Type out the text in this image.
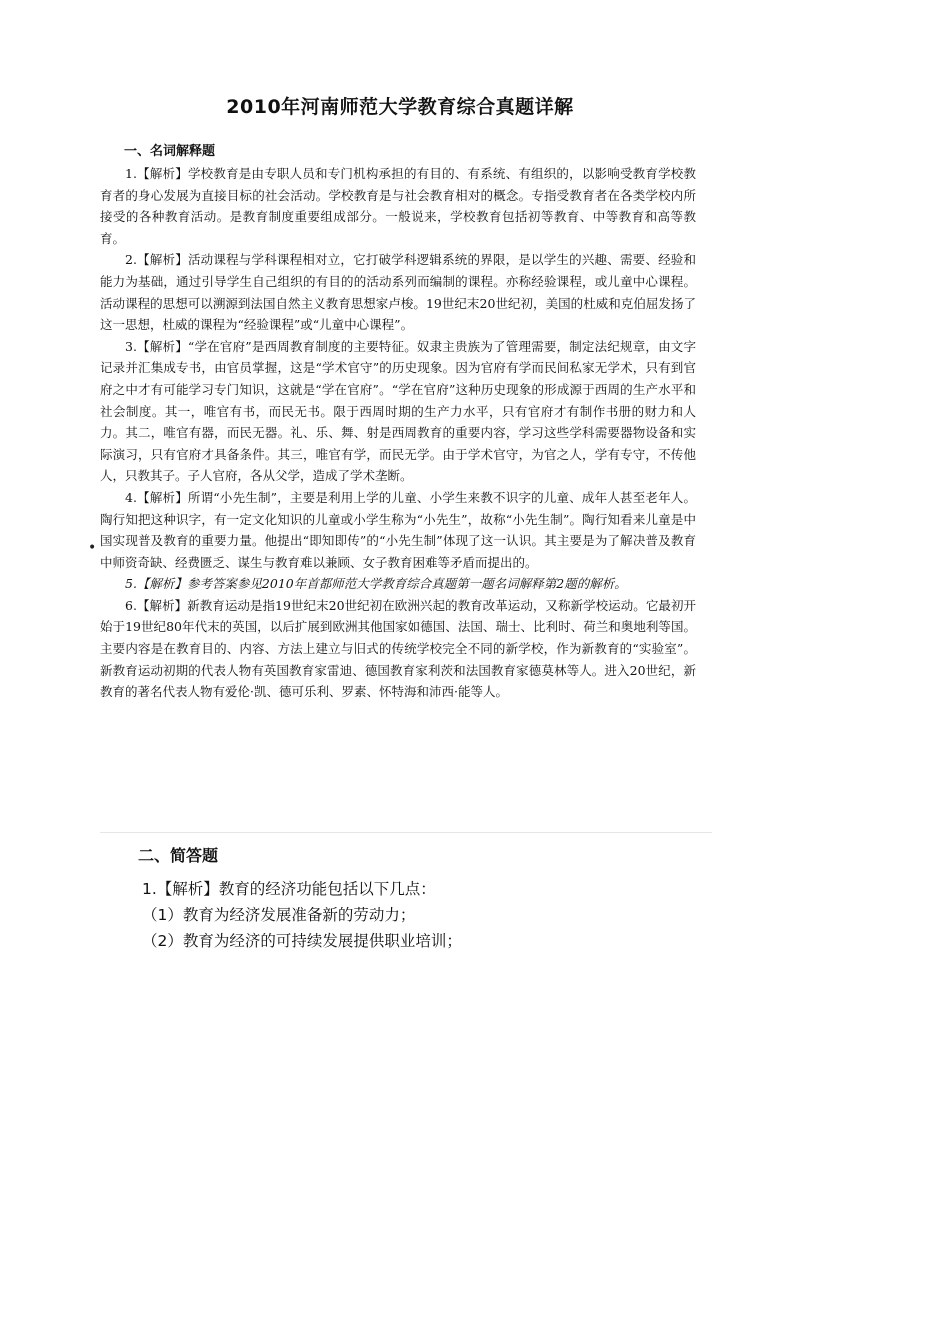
2010年河南师范大学教育综合真题详解
一、名词解释题

1.【解析】学校教育是由专职人员和专门机构承担的有目的、有系统、有组织的，以影响受教育学校教育者的身心发展为直接目标的社会活动。学校教育是与社会教育相对的概念。专指受教育者在各类学校内所接受的各种教育活动。是教育制度重要组成部分。一般说来，学校教育包括初等教育、中等教育和高等教育。

2.【解析】活动课程与学科课程相对立，它打破学科逻辑系统的界限，是以学生的兴趣、需要、经验和能力为基础，通过引导学生自己组织的有目的的活动系列而编制的课程。亦称经验课程，或儿童中心课程。活动课程的思想可以溯源到法国自然主义教育思想家卢梭。19世纪末20世纪初，美国的杜威和克伯屈发扬了这一思想，杜威的课程为“经验课程”或“儿童中心课程”。

3.【解析】“学在官府”是西周教育制度的主要特征。奴隶主贵族为了管理需要，制定法纪规章，由文字记录并汇集成专书，由官员掌握，这是“学术官守”的历史现象。因为官府有学而民间私家无学术，只有到官府之中才有可能学习专门知识，这就是“学在官府”。“学在官府”这种历史现象的形成源于西周的生产水平和社会制度。其一，唯官有书，而民无书。限于西周时期的生产力水平，只有官府才有制作书册的财力和人力。其二，唯官有器，而民无器。礼、乐、舞、射是西周教育的重要内容，学习这些学科需要器物设备和实际演习，只有官府才具备条件。其三，唯官有学，而民无学。由于学术官守，为官之人，学有专守，不传他人，只教其子。子人官府，各从父学，造成了学术垄断。

4.【解析】所谓“小先生制”，主要是利用上学的儿童、小学生来教不识字的儿童、成年人甚至老年人。陶行知把这种识字，有一定文化知识的儿童或小学生称为“小先生”，故称“小先生制”。陶行知看来儿童是中国实现普及教育的重要力量。他提出“即知即传”的“小先生制”体现了这一认识。其主要是为了解决普及教育中师资奇缺、经费匮乏、谋生与教育难以兼顾、女子教育困难等矛盾而提出的。

5.【解析】参考答案参见2010年首都师范大学教育综合真题第一题名词解释第2题的解析。

6.【解析】新教育运动是指19世纪末20世纪初在欧洲兴起的教育改革运动，又称新学校运动。它最初开始于19世纪80年代末的英国，以后扩展到欧洲其他国家如德国、法国、瑞士、比利时、荷兰和奥地利等国。主要内容是在教育目的、内容、方法上建立与旧式的传统学校完全不同的新学校，作为新教育的“实验室”。新教育运动初期的代表人物有英国教育家雷迪、德国教育家利茨和法国教育家德莫林等人。进入20世纪，新教育的著名代表人物有爱伦·凯、德可乐利、罗素、怀特海和沛西·能等人。

•
二、简答题
1.【解析】教育的经济功能包括以下几点：
（1）教育为经济发展准备新的劳动力；
（2）教育为经济的可持续发展提供职业培训；
